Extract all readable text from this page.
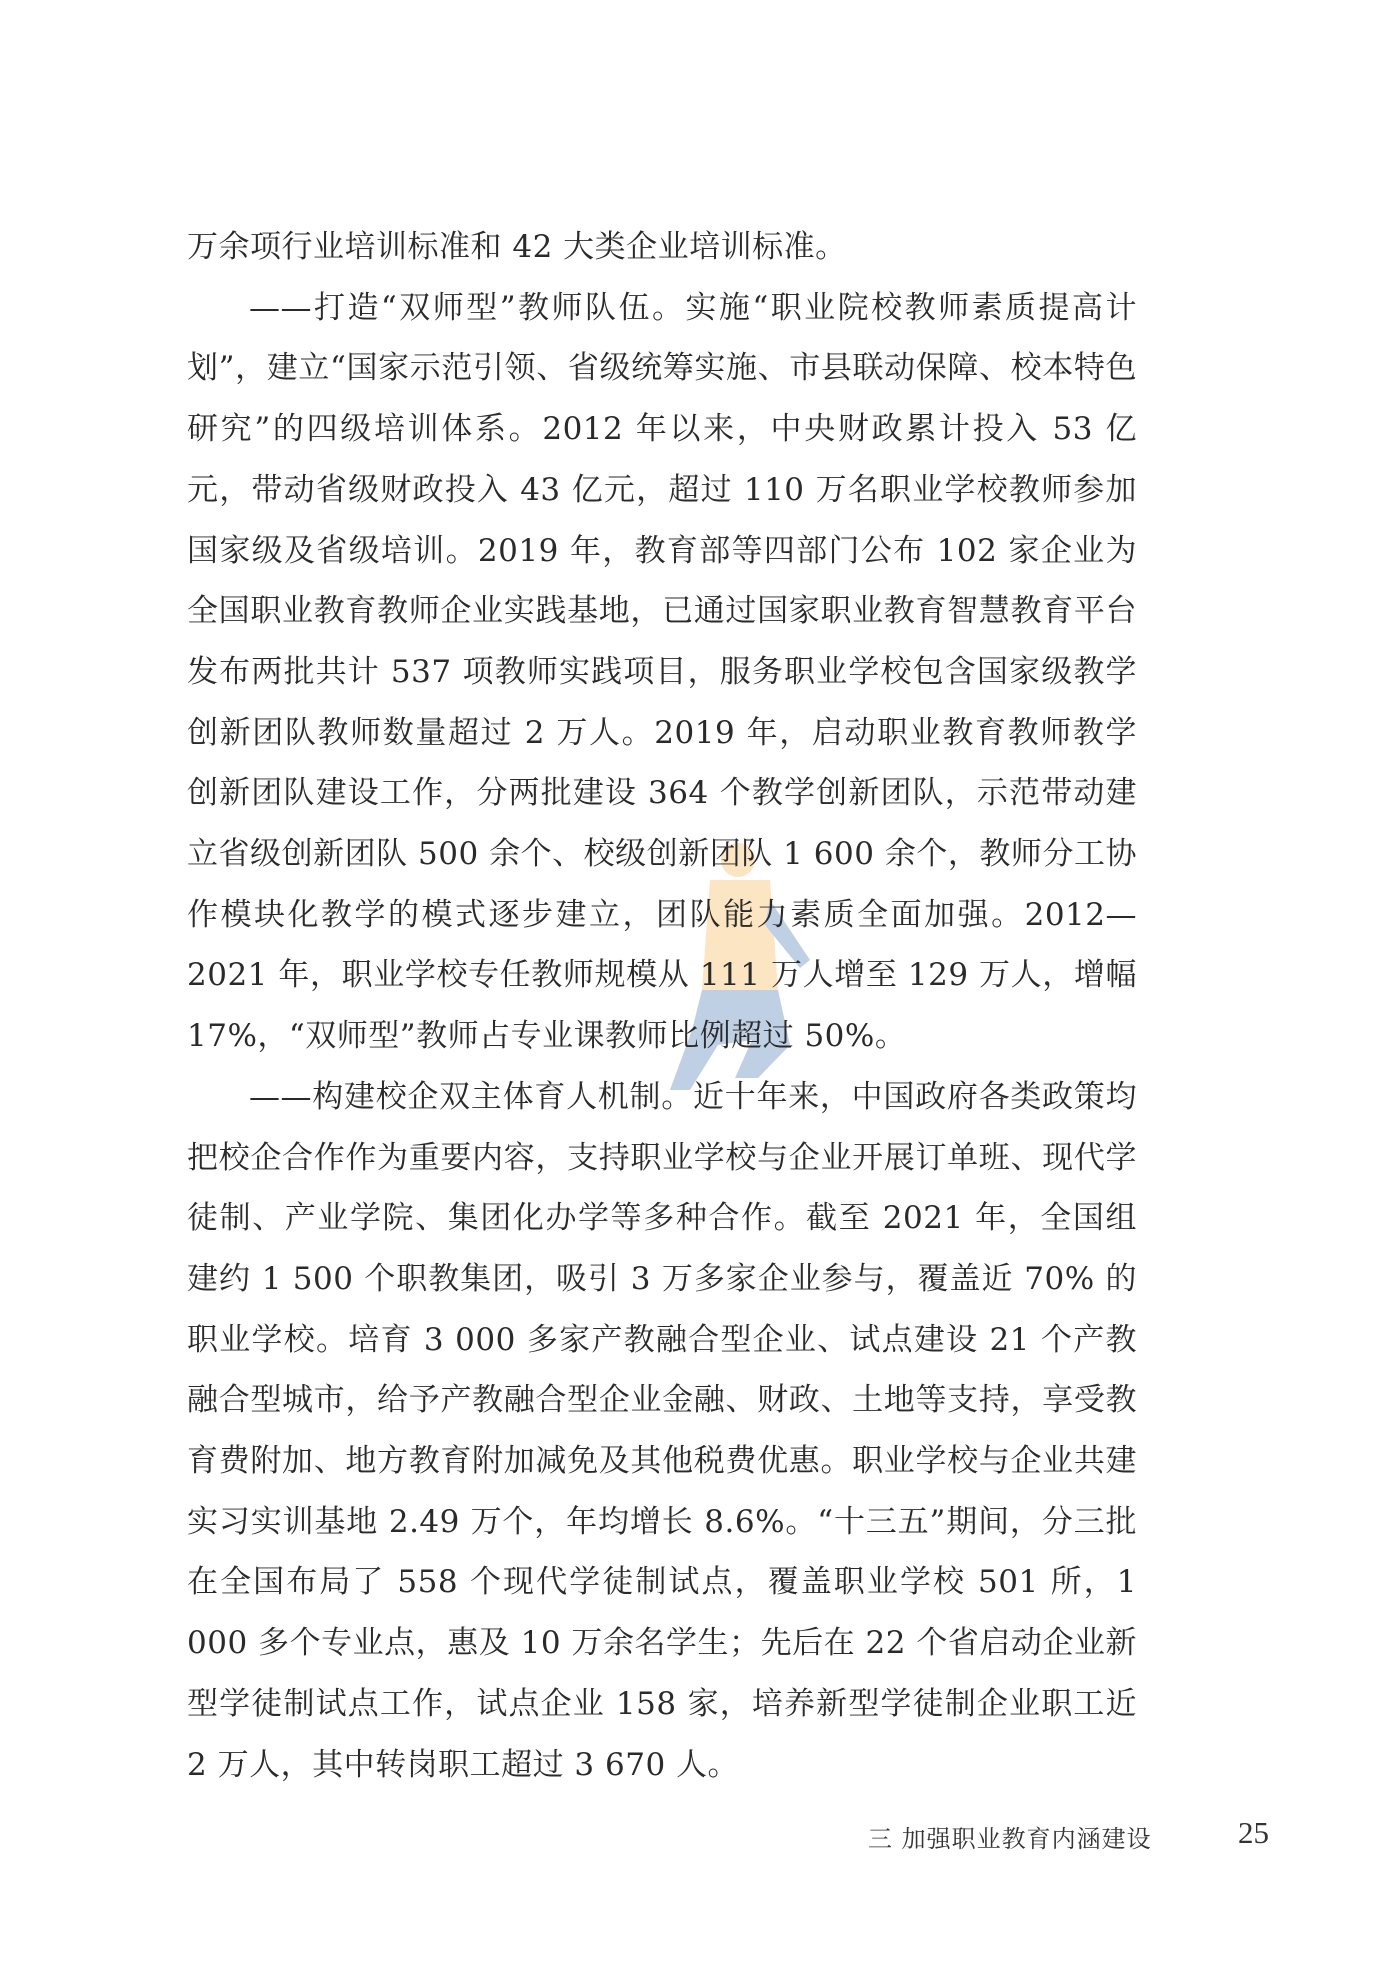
万余项行业培训标准和 42 大类企业培训标准。

——打造“双师型”教师队伍。实施“职业院校教师素质提高计划”，建立“国家示范引领、省级统筹实施、市县联动保障、校本特色研究”的四级培训体系。2012 年以来，中央财政累计投入 53 亿元，带动省级财政投入 43 亿元，超过 110 万名职业学校教师参加国家级及省级培训。2019 年，教育部等四部门公布 102 家企业为全国职业教育教师企业实践基地，已通过国家职业教育智慧教育平台发布两批共计 537 项教师实践项目，服务职业学校包含国家级教学创新团队教师数量超过 2 万人。2019 年，启动职业教育教师教学创新团队建设工作，分两批建设 364 个教学创新团队，示范带动建立省级创新团队 500 余个、校级创新团队 1 600 余个，教师分工协作模块化教学的模式逐步建立，团队能力素质全面加强。2012—2021 年，职业学校专任教师规模从 111 万人增至 129 万人，增幅 17%，“双师型”教师占专业课教师比例超过 50%。

——构建校企双主体育人机制。近十年来，中国政府各类政策均把校企合作作为重要内容，支持职业学校与企业开展订单班、现代学徒制、产业学院、集团化办学等多种合作。截至 2021 年，全国组建约 1 500 个职教集团，吸引 3 万多家企业参与，覆盖近 70% 的职业学校。培育 3 000 多家产教融合型企业、试点建设 21 个产教融合型城市，给予产教融合型企业金融、财政、土地等支持，享受教育费附加、地方教育附加减免及其他税费优惠。职业学校与企业共建实习实训基地 2.49 万个，年均增长 8.6%。“十三五”期间，分三批在全国布局了 558 个现代学徒制试点，覆盖职业学校 501 所，1 000 多个专业点，惠及 10 万余名学生；先后在 22 个省启动企业新型学徒制试点工作，试点企业 158 家，培养新型学徒制企业职工近 2 万人，其中转岗职工超过 3 670 人。

三 加强职业教育内涵建设	25
